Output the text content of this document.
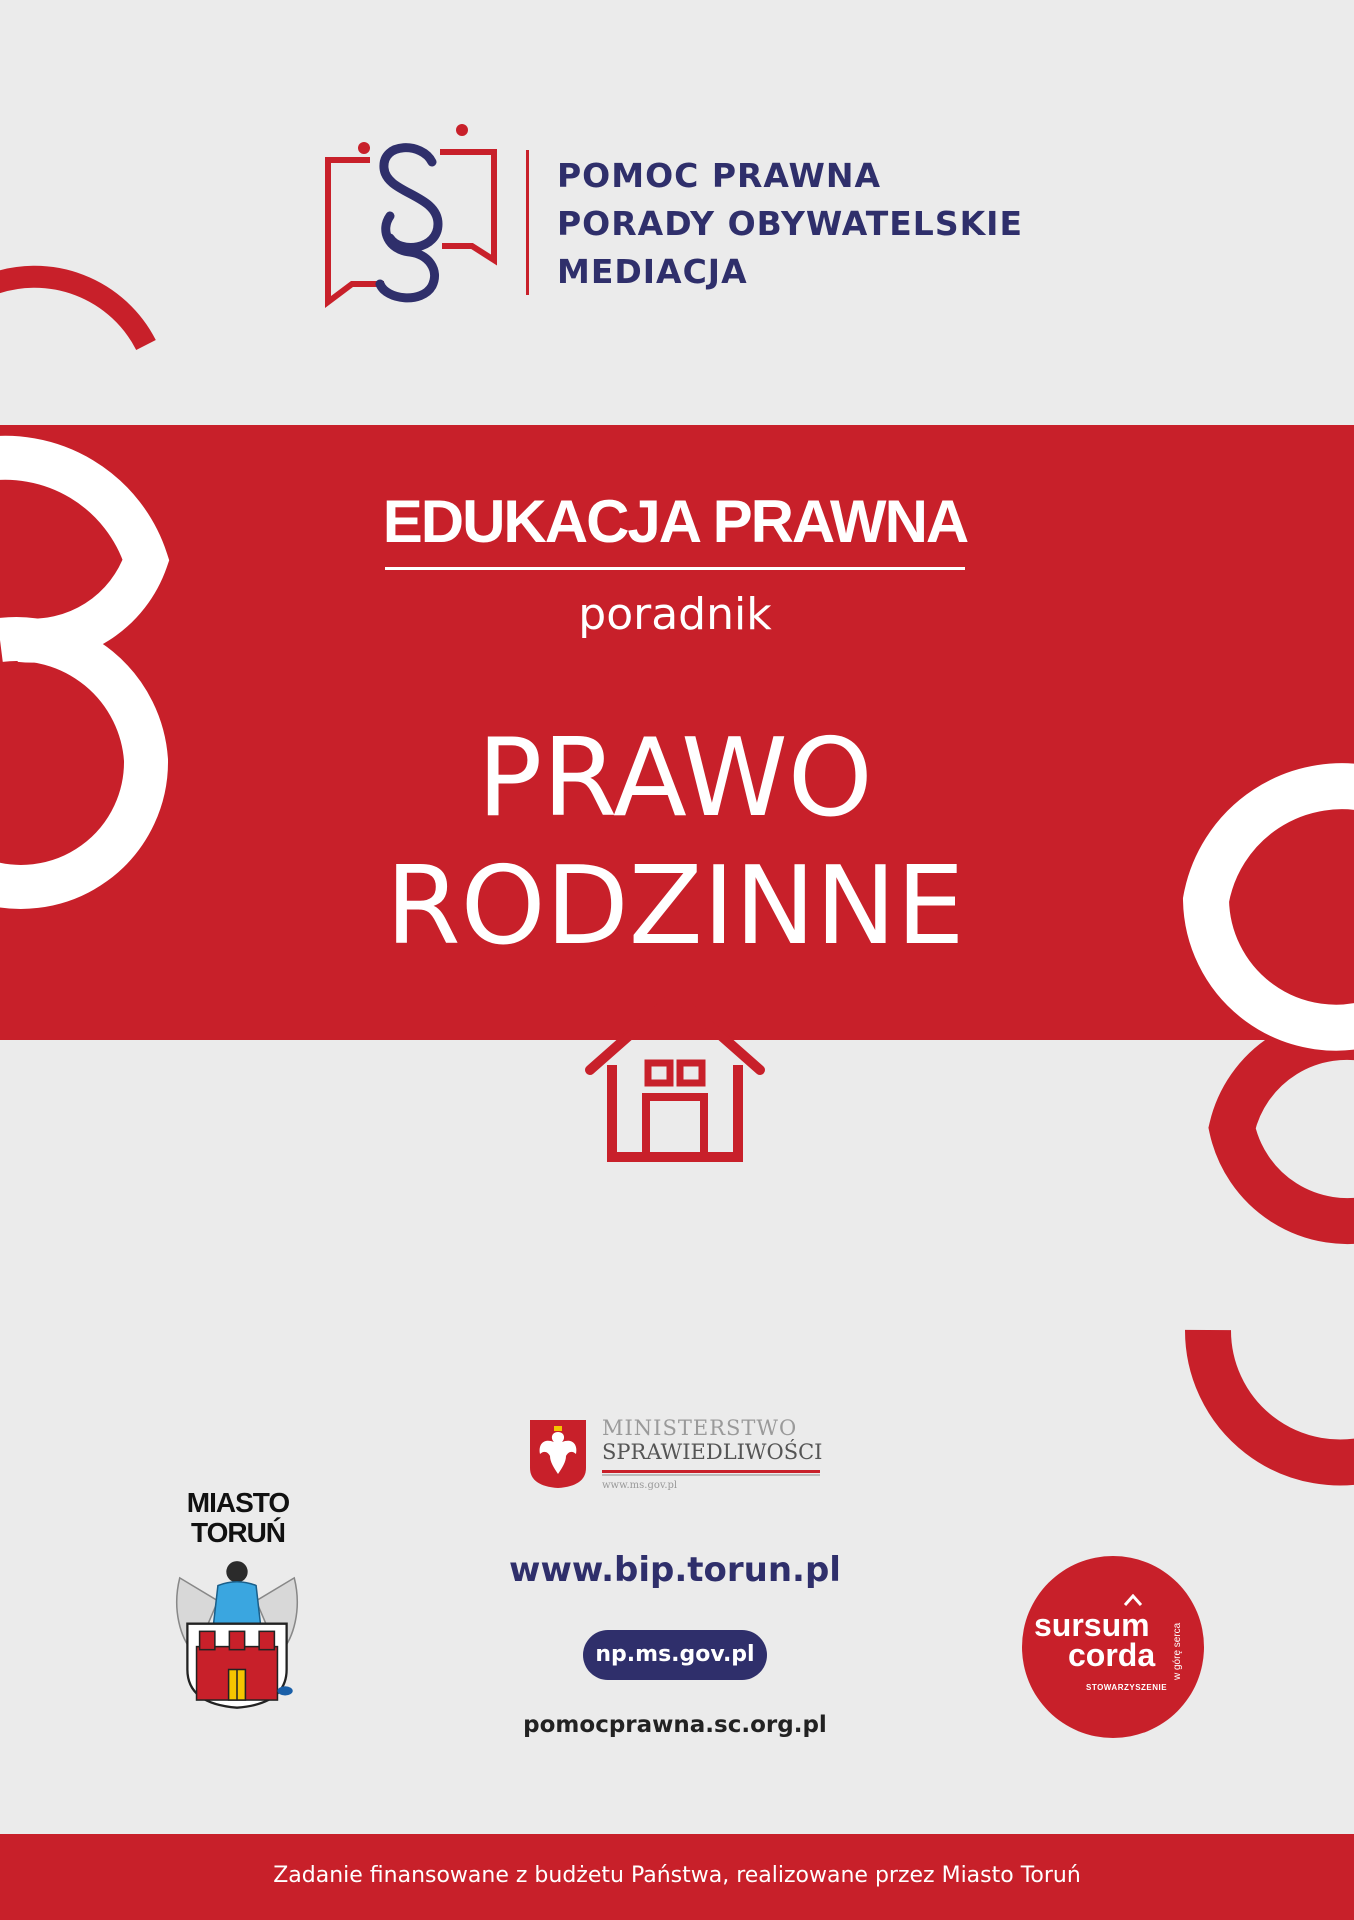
POMOC PRAWNA
PORADY OBYWATELSKIE
MEDIACJA
EDUKACJA PRAWNA
poradnik
PRAWO
RODZINNE
MIASTO
TORUŃ
MINISTERSTWO
SPRAWIEDLIWOŚCI
www.ms.gov.pl
www.bip.torun.pl
np.ms.gov.pl
pomocprawna.sc.org.pl
sursum
corda
STOWARZYSZENIE
w górę serca
Zadanie finansowane z budżetu Państwa, realizowane przez Miasto Toruń
